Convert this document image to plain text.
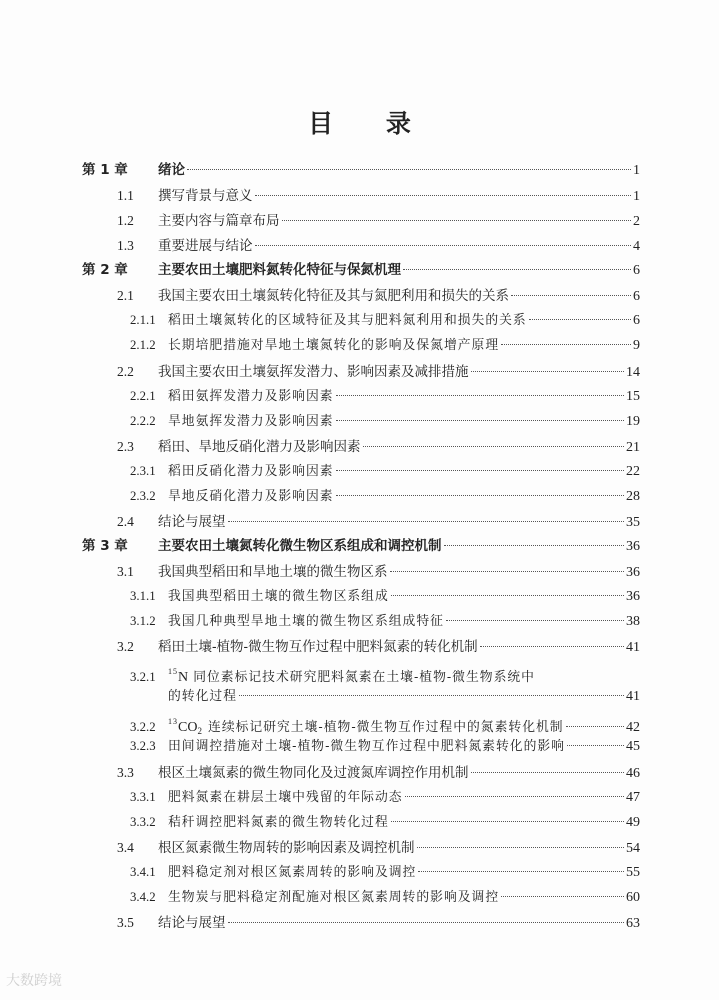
目 录
第 1 章	绪论	1
1.1	撰写背景与意义	1
1.2	主要内容与篇章布局	2
1.3	重要进展与结论	4
第 2 章	主要农田土壤肥料氮转化特征与保氮机理	6
2.1	我国主要农田土壤氮转化特征及其与氮肥利用和损失的关系	6
2.1.1 稻田土壤氮转化的区域特征及其与肥料氮利用和损失的关系	6
2.1.2 长期培肥措施对旱地土壤氮转化的影响及保氮增产原理	9
2.2	我国主要农田土壤氨挥发潜力、影响因素及减排措施	14
2.2.1 稻田氨挥发潜力及影响因素	15
2.2.2 旱地氨挥发潜力及影响因素	19
2.3	稻田、旱地反硝化潜力及影响因素	21
2.3.1 稻田反硝化潜力及影响因素	22
2.3.2 旱地反硝化潜力及影响因素	28
2.4	结论与展望	35
第 3 章	主要农田土壤氮转化微生物区系组成和调控机制	36
3.1	我国典型稻田和旱地土壤的微生物区系	36
3.1.1 我国典型稻田土壤的微生物区系组成	36
3.1.2 我国几种典型旱地土壤的微生物区系组成特征	38
3.2	稻田土壤-植物-微生物互作过程中肥料氮素的转化机制	41
3.2.1	$^{15}$N 同位素标记技术研究肥料氮素在土壤-植物-微生物系统中
的转化过程	41
3.2.2	$^{13}CO_2$ 连续标记研究土壤-植物-微生物互作过程中的氮素转化机制	42
3.2.3 田间调控措施对土壤-植物-微生物互作过程中肥料氮素转化的影响	45
3.3	根区土壤氮素的微生物同化及过渡氮库调控作用机制	46
3.3.1 肥料氮素在耕层土壤中残留的年际动态	47
3.3.2 秸秆调控肥料氮素的微生物转化过程	49
3.4	根区氮素微生物周转的影响因素及调控机制	54
3.4.1 肥料稳定剂对根区氮素周转的影响及调控	55
3.4.2 生物炭与肥料稳定剂配施对根区氮素周转的影响及调控	60
3.5	结论与展望	63
大数跨境
